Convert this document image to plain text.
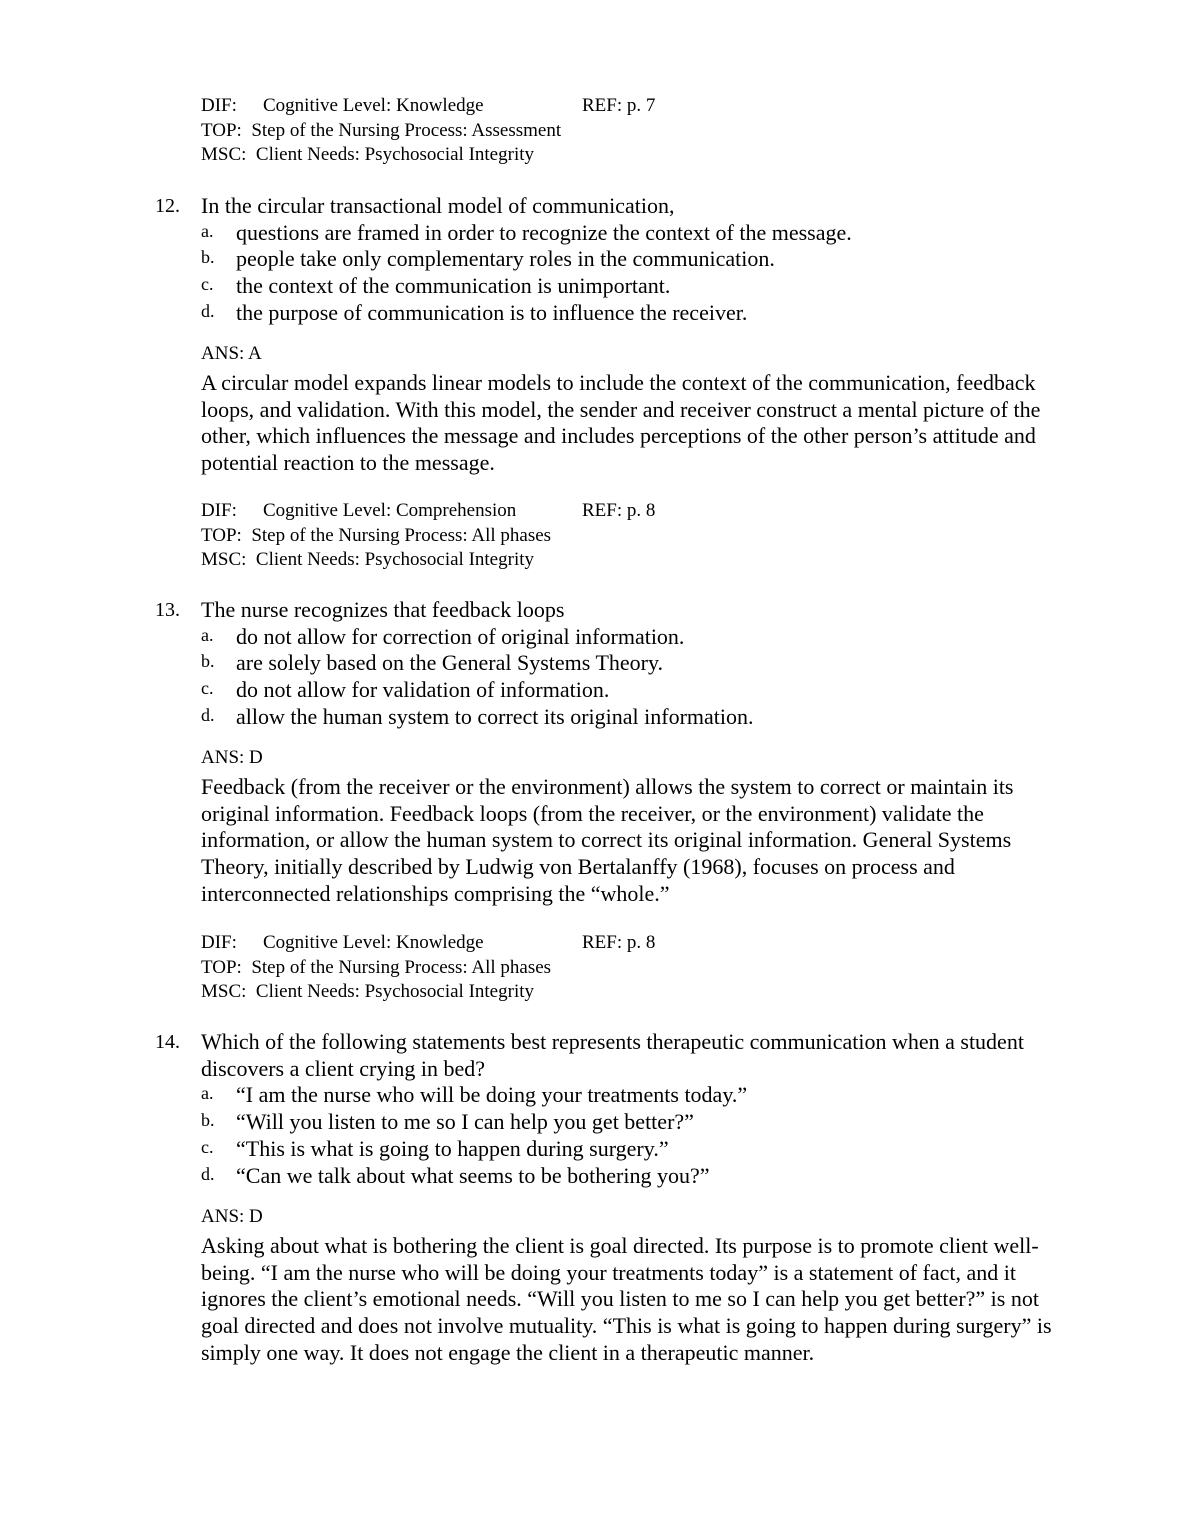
DIF: Cognitive Level: Knowledge	REF: p. 7
TOP:  Step of the Nursing Process: Assessment
MSC:  Client Needs: Psychosocial Integrity
12. In the circular transactional model of communication,
a. questions are framed in order to recognize the context of the message.
b. people take only complementary roles in the communication.
c. the context of the communication is unimportant.
d. the purpose of communication is to influence the receiver.
ANS: A
A circular model expands linear models to include the context of the communication, feedback loops, and validation. With this model, the sender and receiver construct a mental picture of the other, which influences the message and includes perceptions of the other person’s attitude and potential reaction to the message.
DIF: Cognitive Level: Comprehension	REF: p. 8
TOP:  Step of the Nursing Process: All phases
MSC:  Client Needs: Psychosocial Integrity
13. The nurse recognizes that feedback loops
a. do not allow for correction of original information.
b. are solely based on the General Systems Theory.
c. do not allow for validation of information.
d. allow the human system to correct its original information.
ANS: D
Feedback (from the receiver or the environment) allows the system to correct or maintain its original information. Feedback loops (from the receiver, or the environment) validate the information, or allow the human system to correct its original information. General Systems Theory, initially described by Ludwig von Bertalanffy (1968), focuses on process and interconnected relationships comprising the “whole.”
DIF: Cognitive Level: Knowledge	REF: p. 8
TOP:  Step of the Nursing Process: All phases
MSC:  Client Needs: Psychosocial Integrity
14. Which of the following statements best represents therapeutic communication when a student discovers a client crying in bed?
a. “I am the nurse who will be doing your treatments today.”
b. “Will you listen to me so I can help you get better?”
c. “This is what is going to happen during surgery.”
d. “Can we talk about what seems to be bothering you?”
ANS: D
Asking about what is bothering the client is goal directed. Its purpose is to promote client well-being. “I am the nurse who will be doing your treatments today” is a statement of fact, and it ignores the client’s emotional needs. “Will you listen to me so I can help you get better?” is not goal directed and does not involve mutuality. “This is what is going to happen during surgery” is simply one way. It does not engage the client in a therapeutic manner.
